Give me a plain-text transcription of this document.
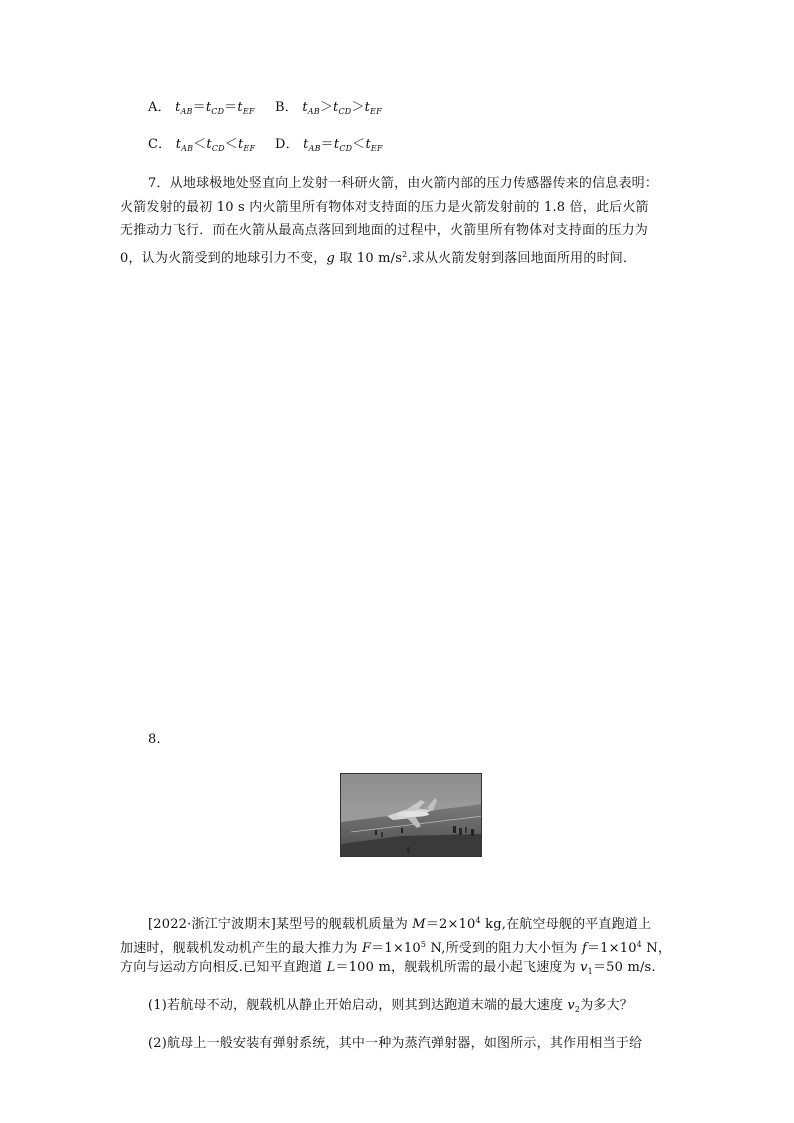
A． $t_{AB}=t_{CD}=t_{EF}$ B． $t_{AB}>t_{CD}>t_{EF}$
C． $t_{AB}<t_{CD}<t_{EF}$ D． $t_{AB}=t_{CD}<t_{EF}$
7．从地球极地处竖直向上发射一科研火箭，由火箭内部的压力传感器传来的信息表明：
火箭发射的最初 10 s 内火箭里所有物体对支持面的压力是火箭发射前的 1.8 倍，此后火箭
无推动力飞行．而在火箭从最高点落回到地面的过程中，火箭里所有物体对支持面的压力为
0，认为火箭受到的地球引力不变，g 取 10 $m/s^2$.求从火箭发射到落回地面所用的时间．
8.
[2022·浙江宁波期末]某型号的舰载机质量为 $M=2\times 10^4$ kg,在航空母舰的平直跑道上
加速时，舰载机发动机产生的最大推力为 $F=1\times 10^5$ N,所受到的阻力大小恒为 $f=1\times 10^4$ N，
方向与运动方向相反.已知平直跑道 L＝100 m，舰载机所需的最小起飞速度为 $v_1=50$ m/s.
(1)若航母不动，舰载机从静止开始启动，则其到达跑道末端的最大速度 $v_2$为多大？
(2)航母上一般安装有弹射系统，其中一种为蒸汽弹射器，如图所示，其作用相当于给
